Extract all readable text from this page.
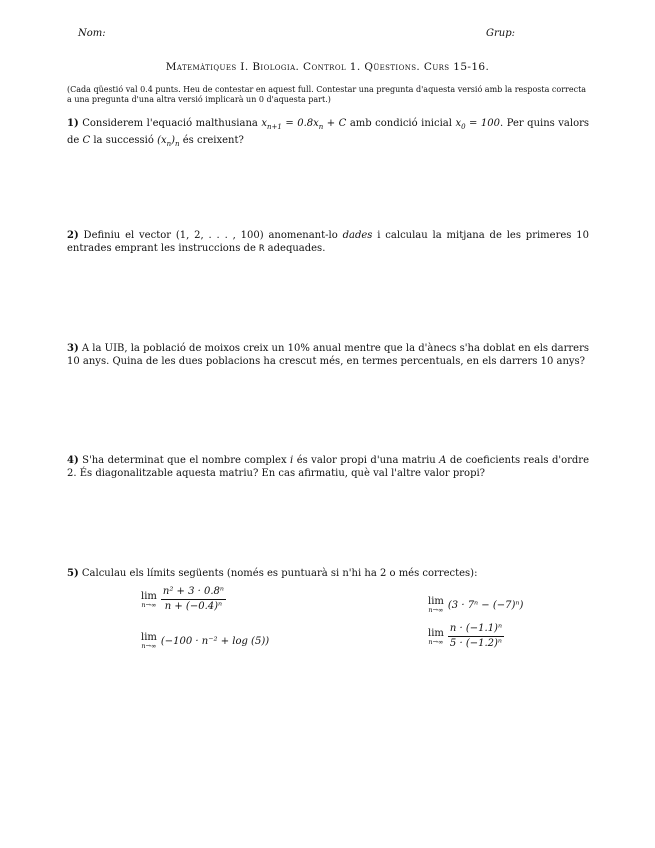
Nom:	Grup:
Matemàtiques I. Biologia. Control 1. Qüestions. Curs 15-16.
(Cada qüestió val 0.4 punts. Heu de contestar en aquest full. Contestar una pregunta d'aquesta versió amb la resposta correcta a una pregunta d'una altra versió implicarà un 0 d'aquesta part.)
1) Considerem l'equació malthusiana $x_{n+1} = 0.8x_n + C$ amb condició inicial $x_0 = 100$. Per quins valors de C la successió $(x_n)_n$ és creixent?
2) Definiu el vector (1, 2, . . . , 100) anomenant-lo dades i calculau la mitjana de les primeres 10 entrades emprant les instruccions de R adequades.
3) A la UIB, la població de moixos creix un 10% anual mentre que la d'ànecs s'ha doblat en els darrers 10 anys. Quina de les dues poblacions ha crescut més, en termes percentuals, en els darrers 10 anys?
4) S'ha determinat que el nombre complex i és valor propi d'una matriu A de coeficients reals d'ordre 2. És diagonalitzable aquesta matriu? En cas afirmatiu, què val l'altre valor propi?
5) Calculau els límits següents (només es puntuarà si n'hi ha 2 o més correctes):
lim
$n\to\infty \frac{\text{n² + 3 · 0.8ⁿ}}{\text{n + (−0.4)ⁿ}}$	lim
n→∞ (3 · 7ⁿ − (−7)ⁿ)
lim
n→∞ (−100 · n⁻² + log (5))
lim
$n\to\infty \frac{\text{n · (−1.1)ⁿ}}{\text{5 · (−1.2)ⁿ}}$
